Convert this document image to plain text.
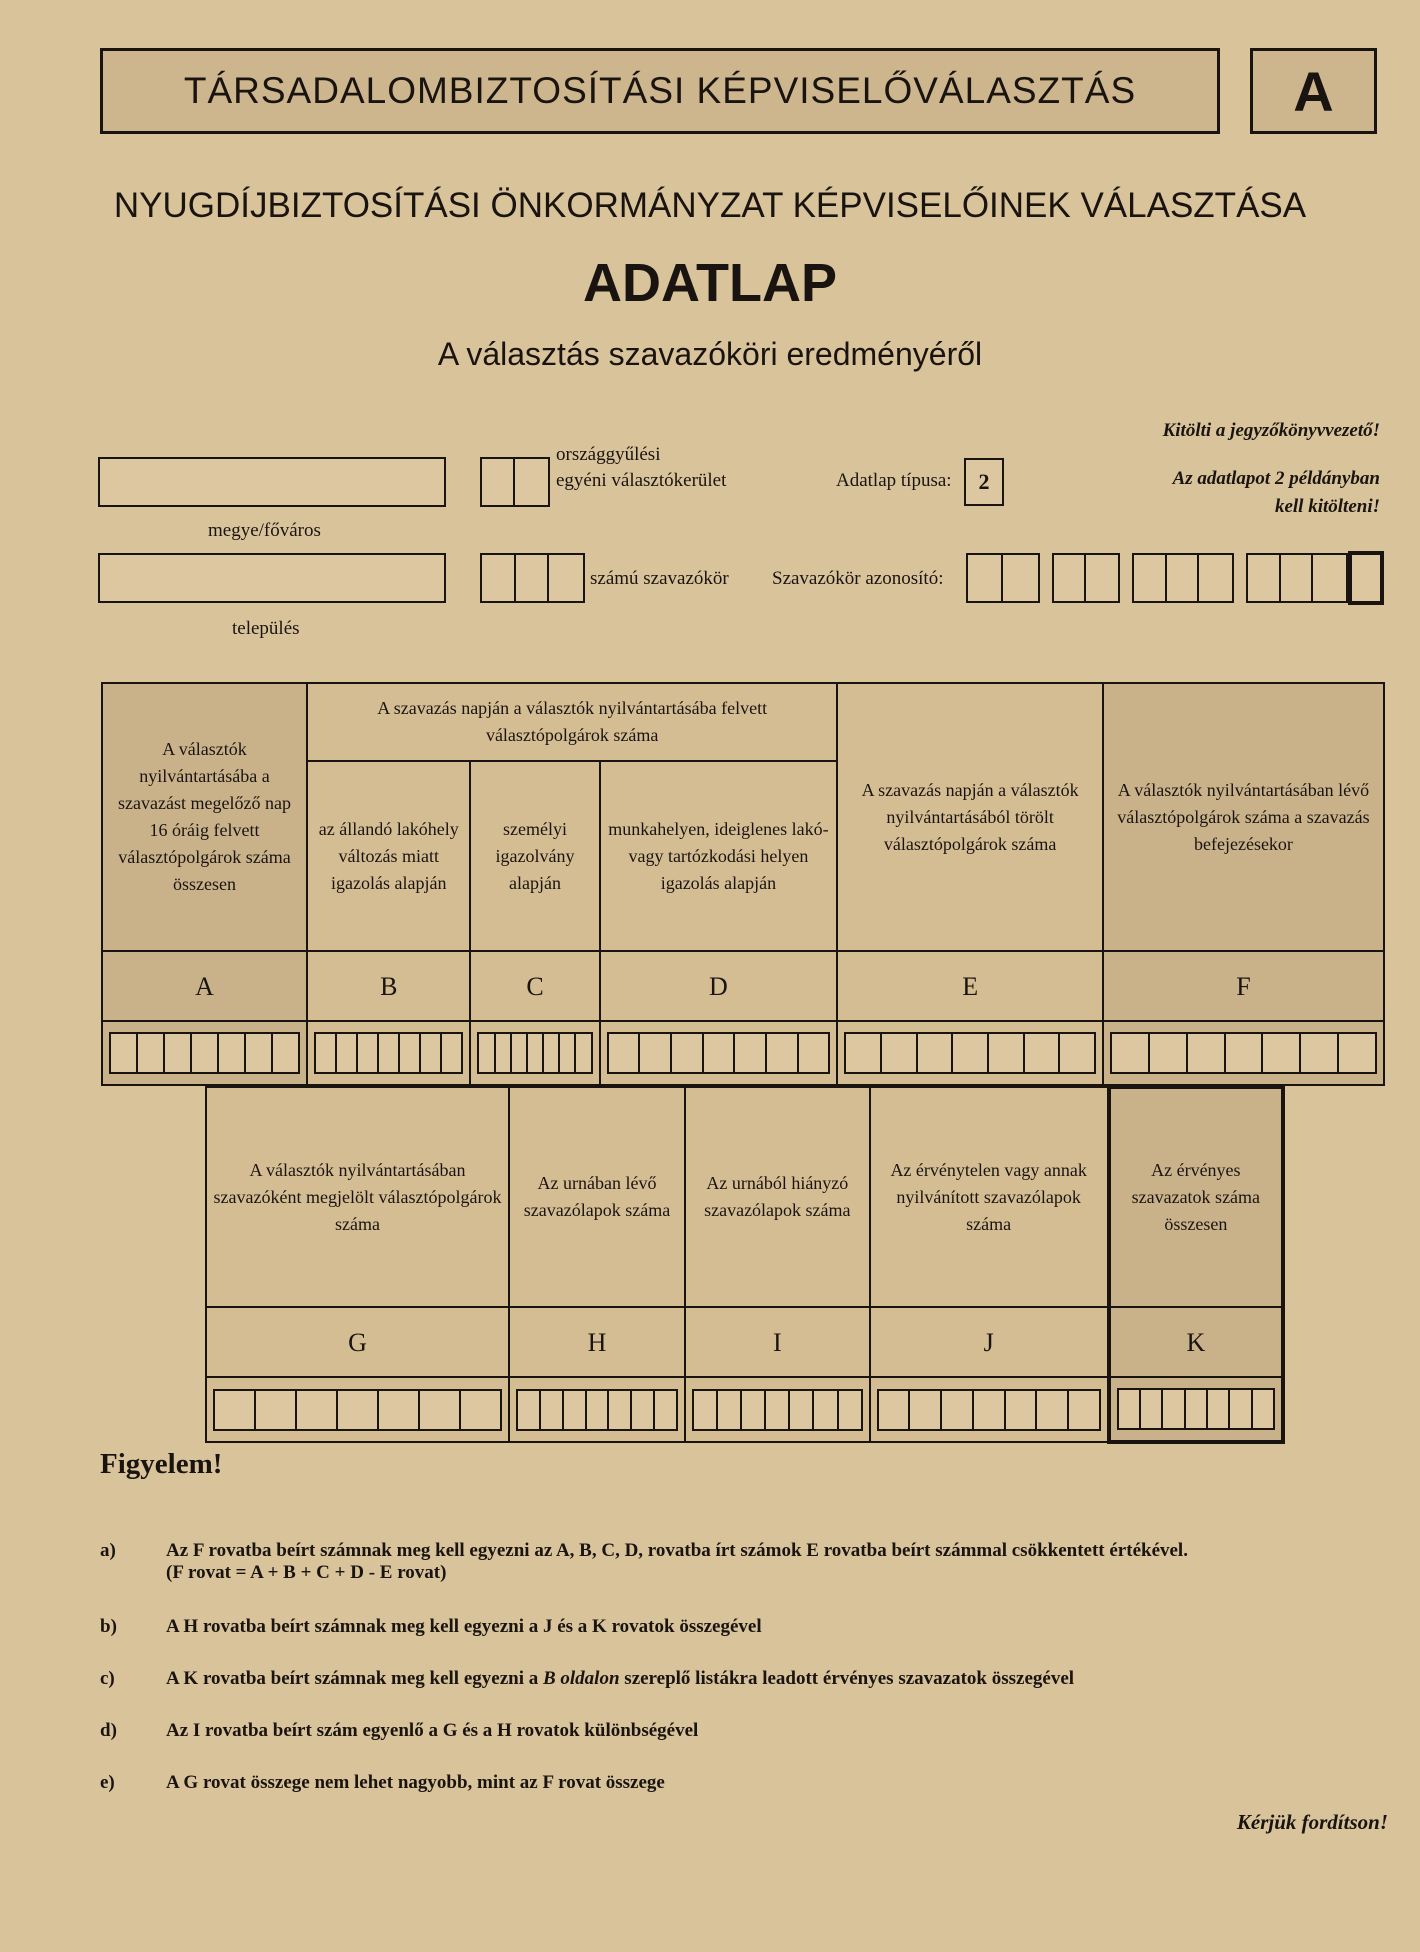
TÁRSADALOMBIZTOSÍTÁSI KÉPVISELŐVÁLASZTÁS	A
NYUGDÍJBIZTOSÍTÁSI ÖNKORMÁNYZAT KÉPVISELŐINEK VÁLASZTÁSA
ADATLAP
A választás szavazóköri eredményéről
Kitölti a jegyzőkönyvvezető!
Az adatlapot 2 példányban
kell kitölteni!
megye/főváros
országgyűlési
egyéni választókerület	Adatlap típusa: 2
település
számú szavazókör Szavazókör azonosító:
A választók nyilvántartásába a szavazást megelőző nap 16 óráig felvett választópolgárok száma összesen	A szavazás napján a választók nyilvántartásába felvett választópolgárok száma			A szavazás napján a választók nyilvántartásából törölt választópolgárok száma	A választók nyilvántartásában lévő választópolgárok száma a szavazás befejezésekor
	az állandó lakóhely változás miatt igazolás alapján	személyi igazolvány alapján	munkahelyen, ideiglenes lakó- vagy tartózkodási helyen igazolás alapján		
A	B	C	D	E	F

A választók nyilvántartásában szavazóként megjelölt választópolgárok száma	Az urnában lévő szavazólapok száma	Az urnából hiányzó szavazólapok száma	Az érvénytelen vagy annak nyilvánított szavazólapok száma	Az érvényes szavazatok száma összesen
G	H	I	J	K

Figyelem!
a)	Az F rovatba beírt számnak meg kell egyezni az A, B, C, D, rovatba írt számok E rovatba beírt számmal csökkentett értékével.
(F rovat = A + B + C + D - E rovat)
b)	A H rovatba beírt számnak meg kell egyezni a J és a K rovatok összegével
c)	A K rovatba beírt számnak meg kell egyezni a B oldalon szereplő listákra leadott érvényes szavazatok összegével
d)	Az I rovatba beírt szám egyenlő a G és a H rovatok különbségével
e)	A G rovat összege nem lehet nagyobb, mint az F rovat összege
Kérjük fordítson!
